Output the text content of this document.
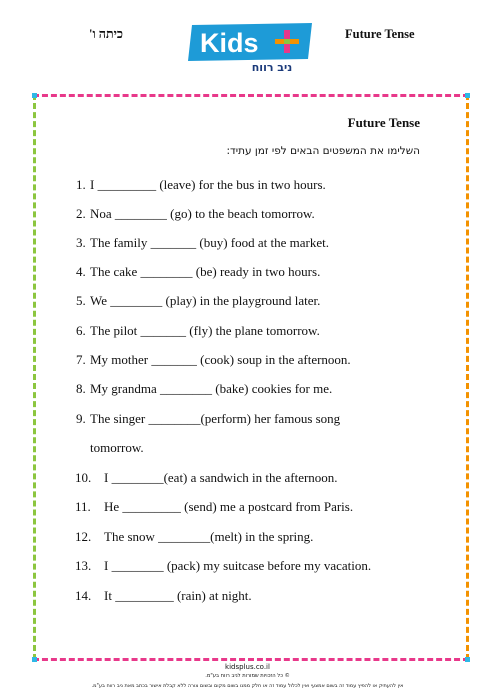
Future Tense
Kids
ניב רווח
כיתה ו'
Future Tense
השלימו את המשפטים הבאים לפי זמן עתיד:
1. I _________ (leave) for the bus in two hours.
2. Noa ________ (go) to the beach tomorrow.
3. The family _______ (buy) food at the market.
4. The cake ________ (be) ready in two hours.
5. We ________ (play) in the playground later.
6. The pilot _______ (fly) the plane tomorrow.
7. My mother _______ (cook) soup in the afternoon.
8. My grandma ________ (bake) cookies for me.
9. The singer ________(perform) her famous song
tomorrow.
10. I ________(eat) a sandwich in the afternoon.
11. He _________ (send) me a postcard from Paris.
12. The snow ________(melt) in the spring.
13. I ________ (pack) my suitcase before my vacation.
14. It _________ (rain) at night.
kidsplus.co.il
© כל הזכויות שמורות לניב רווח בע"מ.
אין להעתיק או להפיץ עמוד זה בשום אמצעי ואין לכלול עמוד זה או חלק ממנו בשום מקום ובשום צורה ללא קבלת אישור בכתב מאת ניב רווח בע"מ.
